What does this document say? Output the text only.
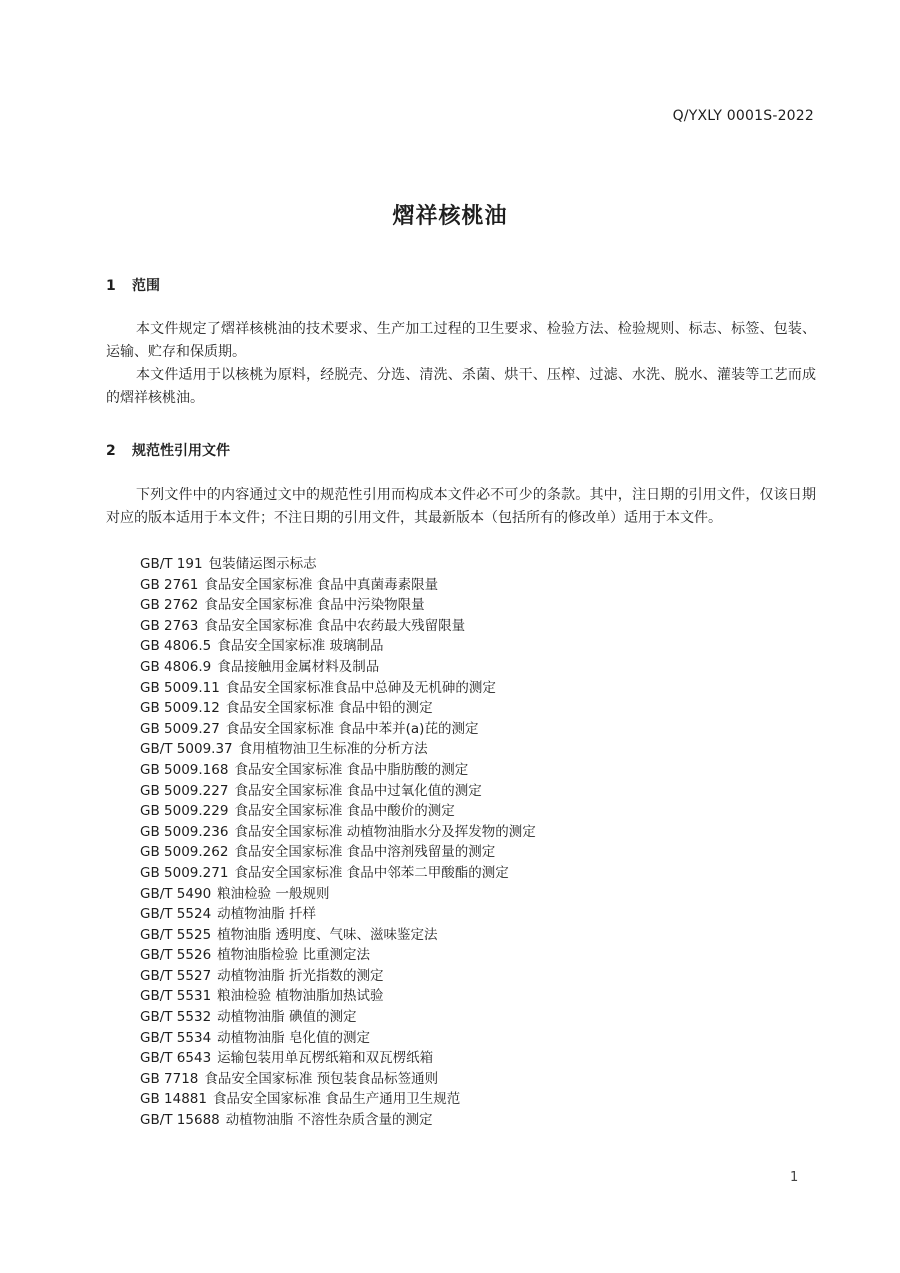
Q/YXLY 0001S-2022
熠祥核桃油
1 范围

本文件规定了熠祥核桃油的技术要求、生产加工过程的卫生要求、检验方法、检验规则、标志、标签、包装、运输、贮存和保质期。

本文件适用于以核桃为原料，经脱壳、分选、清洗、杀菌、烘干、压榨、过滤、水洗、脱水、灌装等工艺而成的熠祥核桃油。

2 规范性引用文件

下列文件中的内容通过文中的规范性引用而构成本文件必不可少的条款。其中，注日期的引用文件，仅该日期对应的版本适用于本文件；不注日期的引用文件，其最新版本（包括所有的修改单）适用于本文件。

GB/T 191 包装储运图示标志
GB 2761 食品安全国家标准 食品中真菌毒素限量
GB 2762 食品安全国家标准 食品中污染物限量
GB 2763 食品安全国家标准 食品中农药最大残留限量
GB 4806.5 食品安全国家标准 玻璃制品
GB 4806.9 食品接触用金属材料及制品
GB 5009.11 食品安全国家标准食品中总砷及无机砷的测定
GB 5009.12 食品安全国家标准 食品中铅的测定
GB 5009.27 食品安全国家标准 食品中苯并(a)芘的测定
GB/T 5009.37 食用植物油卫生标准的分析方法
GB 5009.168 食品安全国家标准 食品中脂肪酸的测定
GB 5009.227 食品安全国家标准 食品中过氧化值的测定
GB 5009.229 食品安全国家标准 食品中酸价的测定
GB 5009.236 食品安全国家标准 动植物油脂水分及挥发物的测定
GB 5009.262 食品安全国家标准 食品中溶剂残留量的测定
GB 5009.271 食品安全国家标准 食品中邻苯二甲酸酯的测定
GB/T 5490 粮油检验 一般规则
GB/T 5524 动植物油脂 扦样
GB/T 5525 植物油脂 透明度、气味、滋味鉴定法
GB/T 5526 植物油脂检验 比重测定法
GB/T 5527 动植物油脂 折光指数的测定
GB/T 5531 粮油检验 植物油脂加热试验
GB/T 5532 动植物油脂 碘值的测定
GB/T 5534 动植物油脂 皂化值的测定
GB/T 6543 运输包装用单瓦楞纸箱和双瓦楞纸箱
GB 7718 食品安全国家标准 预包装食品标签通则
GB 14881 食品安全国家标准 食品生产通用卫生规范
GB/T 15688 动植物油脂 不溶性杂质含量的测定
1
